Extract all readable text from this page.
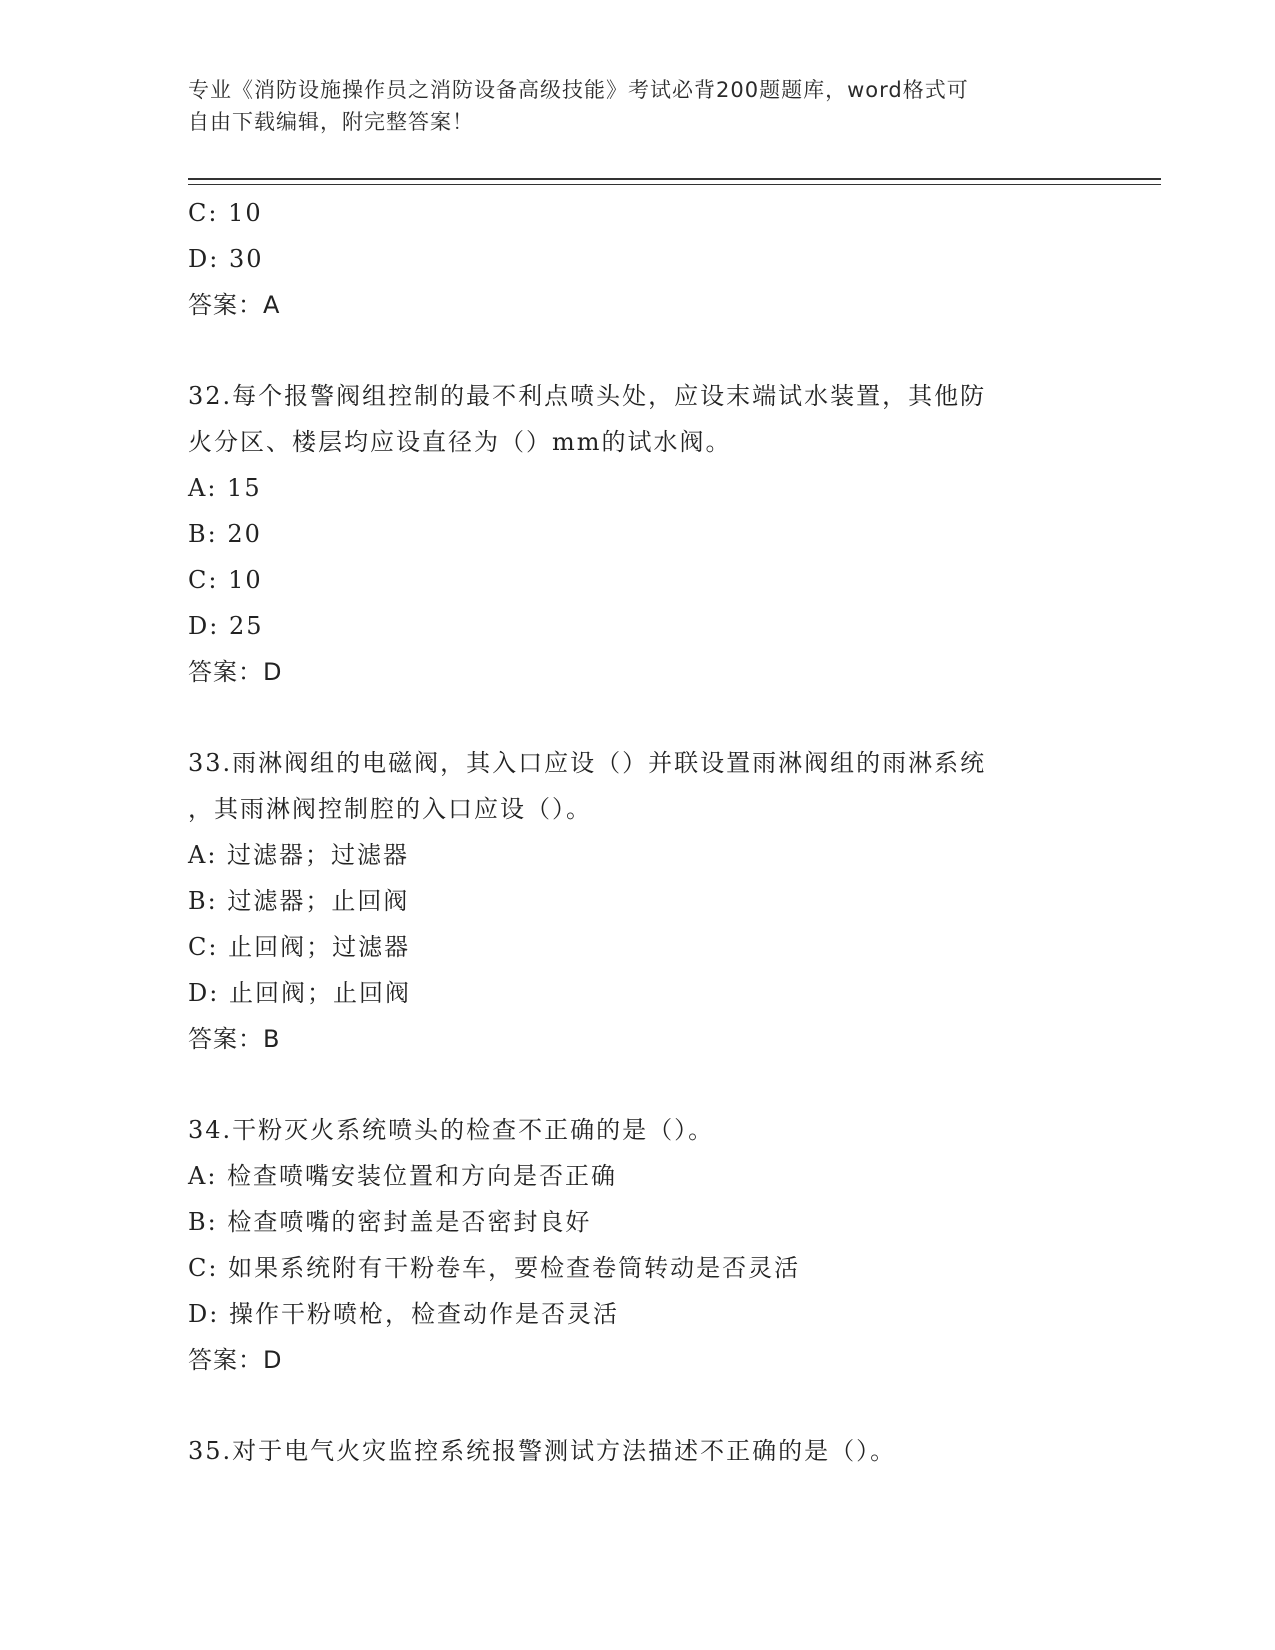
专业《消防设施操作员之消防设备高级技能》考试必背200题题库，word格式可
自由下载编辑，附完整答案！
C: 10
D: 30
答案：A
32.每个报警阀组控制的最不利点喷头处，应设末端试水装置，其他防
火分区、楼层均应设直径为（）mm的试水阀。
A: 15
B: 20
C: 10
D: 25
答案：D
33.雨淋阀组的电磁阀，其入口应设（）并联设置雨淋阀组的雨淋系统
，其雨淋阀控制腔的入口应设（）。
A: 过滤器；过滤器
B: 过滤器；止回阀
C: 止回阀；过滤器
D: 止回阀；止回阀
答案：B
34.干粉灭火系统喷头的检查不正确的是（）。
A: 检查喷嘴安装位置和方向是否正确
B: 检查喷嘴的密封盖是否密封良好
C: 如果系统附有干粉卷车，要检查卷筒转动是否灵活
D: 操作干粉喷枪，检查动作是否灵活
答案：D
35.对于电气火灾监控系统报警测试方法描述不正确的是（）。
